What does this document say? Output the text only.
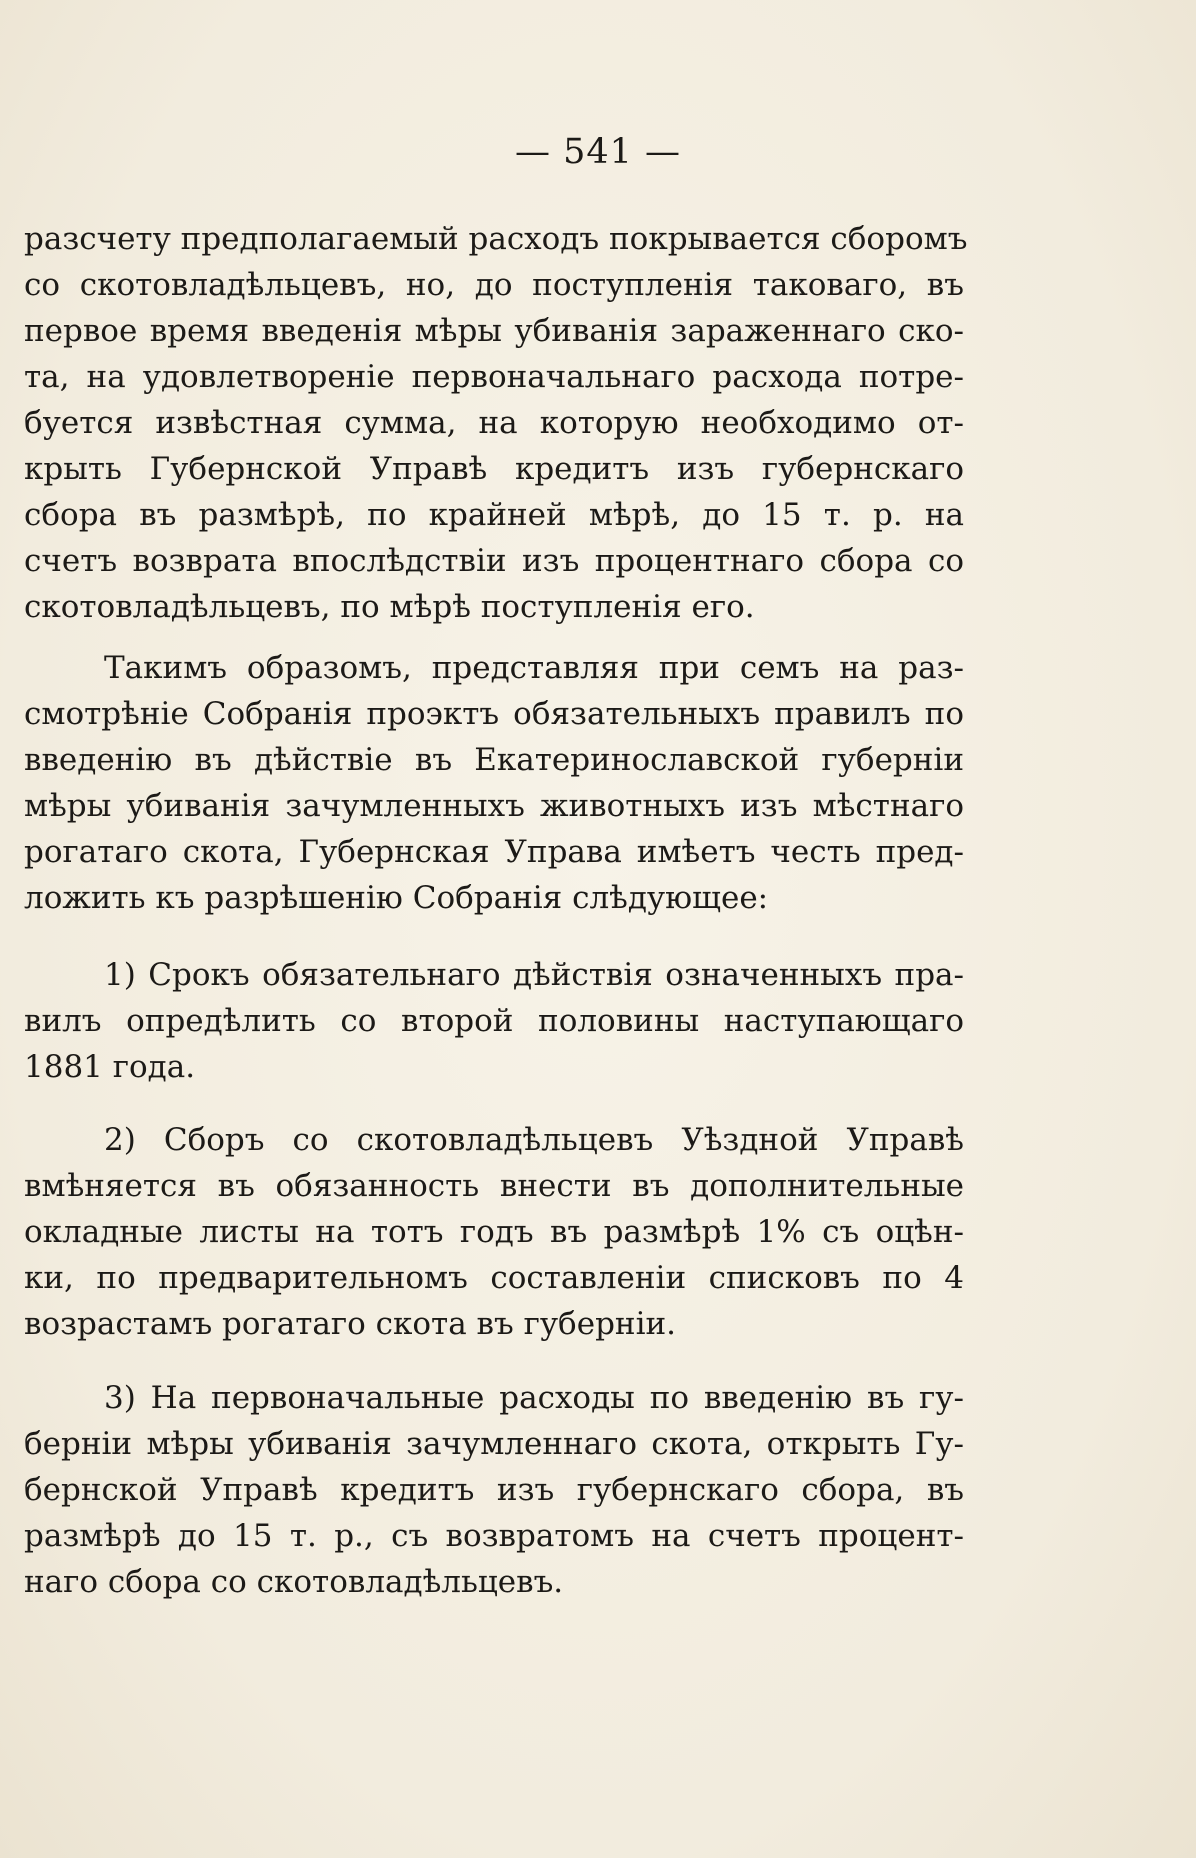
— 541 —

разсчету предполагаемый расходъ покрывается сборомъ
со скотовладѣльцевъ, но, до поступленія таковаго, въ
первое время введенія мѣры убиванія зараженнаго ско-
та, на удовлетвореніе первоначальнаго расхода потре-
буется извѣстная сумма, на которую необходимо от-
крыть Губернской Управѣ кредитъ изъ губернскаго
сбора въ размѣрѣ, по крайней мѣрѣ, до 15 т. р. на
счетъ возврата впослѣдствіи изъ процентнаго сбора со
скотовладѣльцевъ, по мѣрѣ поступленія его.

Такимъ образомъ, представляя при семъ на раз-
смотрѣніе Собранія проэктъ обязательныхъ правилъ по
введенію въ дѣйствіе въ Екатеринославской губерніи
мѣры убиванія зачумленныхъ животныхъ изъ мѣстнаго
рогатаго скота, Губернская Управа имѣетъ честь пред-
ложить къ разрѣшенію Собранія слѣдующее:

1) Срокъ обязательнаго дѣйствія означенныхъ пра-
вилъ опредѣлить со второй половины наступающаго
1881 года.

2) Сборъ со скотовладѣльцевъ Уѣздной Управѣ
вмѣняется въ обязанность внести въ дополнительные
окладные листы на тотъ годъ въ размѣрѣ 1% съ оцѣн-
ки, по предварительномъ составленіи списковъ по 4
возрастамъ рогатаго скота въ губерніи.

3) На первоначальные расходы по введенію въ гу-
берніи мѣры убиванія зачумленнаго скота, открыть Гу-
бернской Управѣ кредитъ изъ губернскаго сбора, въ
размѣрѣ до 15 т. р., съ возвратомъ на счетъ процент-
наго сбора со скотовладѣльцевъ.
